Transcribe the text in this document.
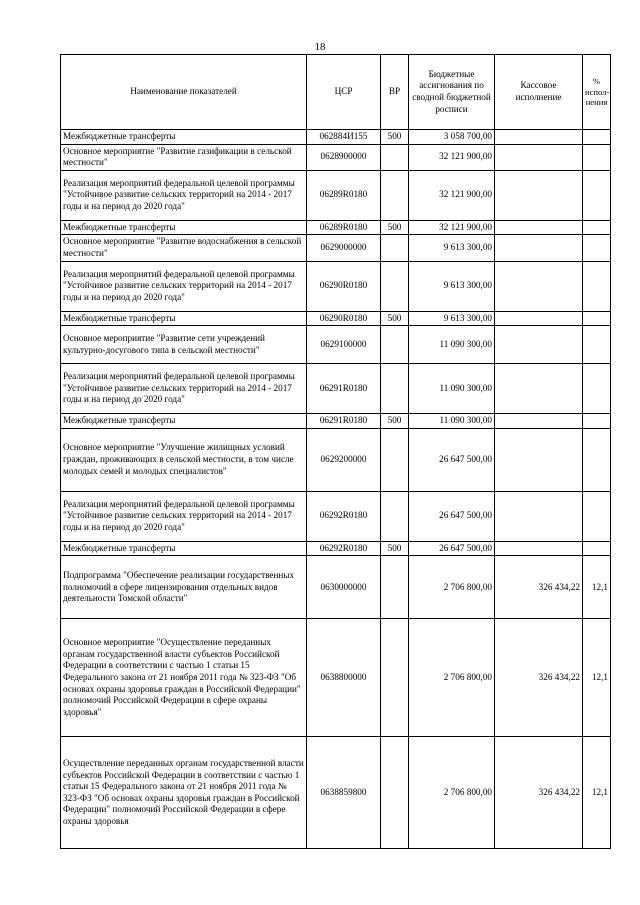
18
Наименование показателей	ЦСР	ВР	Бюджетные ассигнования по сводной бюджетной росписи	Кассовое исполнение	% испол-нения
Межбюджетные трансферты	062884И155	500	3 058 700,00		
Основное мероприятие "Развитие газификации в сельской местности"	0628900000		32 121 900,00		
Реализация мероприятий федеральной целевой программы "Устойчивое развитие сельских территорий на 2014 - 2017 годы и на период до 2020 года"	06289R0180		32 121 900,00		
Межбюджетные трансферты	06289R0180	500	32 121 900,00		
Основное мероприятие "Развитие водоснабжения в сельской местности"	0629000000		9 613 300,00		
Реализация мероприятий федеральной целевой программы "Устойчивое развитие сельских территорий на 2014 - 2017 годы и на период до 2020 года"	06290R0180		9 613 300,00		
Межбюджетные трансферты	06290R0180	500	9 613 300,00		
Основное мероприятие "Развитие сети учреждений культурно-досугового типа в сельской местности"	0629100000		11 090 300,00		
Реализация мероприятий федеральной целевой программы "Устойчивое развитие сельских территорий на 2014 - 2017 годы и на период до 2020 года"	06291R0180		11 090 300,00		
Межбюджетные трансферты	06291R0180	500	11 090 300,00		
Основное мероприятие "Улучшение жилищных условий граждан, проживающих в сельской местности, в том числе молодых семей и молодых специалистов"	0629200000		26 647 500,00		
Реализация мероприятий федеральной целевой программы "Устойчивое развитие сельских территорий на 2014 - 2017 годы и на период до 2020 года"	06292R0180		26 647 500,00		
Межбюджетные трансферты	06292R0180	500	26 647 500,00		
Подпрограмма "Обеспечение реализации государственных полномочий в сфере лицензирования отдельных видов деятельности Томской области"	0630000000		2 706 800,00	326 434,22	12,1
Основное мероприятие "Осуществление переданных органам государственной власти субъектов Российской Федерации в соответствии с частью 1 статьи 15 Федерального закона от 21 ноября 2011 года № 323-ФЗ "Об основах охраны здоровья граждан в Российской Федерации" полномочий Российской Федерации в сфере охраны здоровья"	0638800000		2 706 800,00	326 434,22	12,1
Осуществление переданных органам государственной власти субъектов Российской Федерации в соответствии с частью 1 статьи 15 Федерального закона от 21 ноября 2011 года № 323-ФЗ "Об основах охраны здоровья граждан в Российской Федерации" полномочий Российской Федерации в сфере охраны здоровья	0638859800		2 706 800,00	326 434,22	12,1
